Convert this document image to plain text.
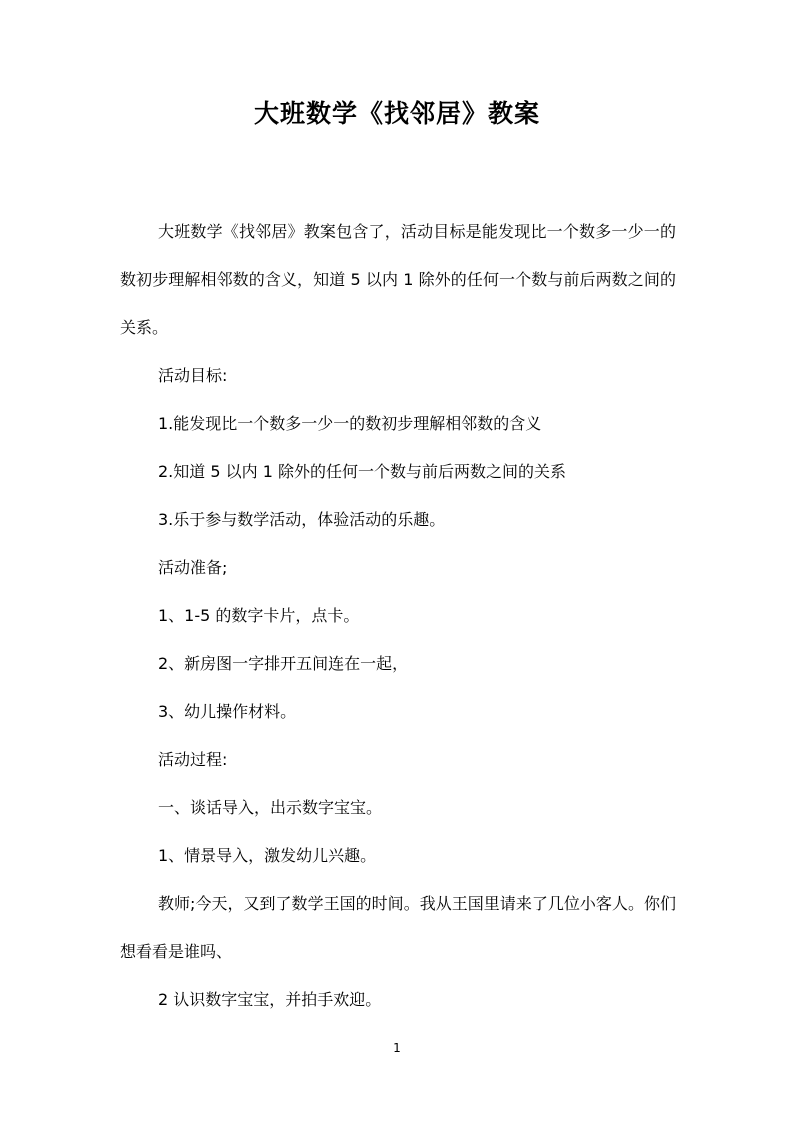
大班数学《找邻居》教案

大班数学《找邻居》教案包含了，活动目标是能发现比一个数多一少一的数初步理解相邻数的含义，知道 5 以内 1 除外的任何一个数与前后两数之间的关系。

活动目标:

1.能发现比一个数多一少一的数初步理解相邻数的含义

2.知道 5 以内 1 除外的任何一个数与前后两数之间的关系

3.乐于参与数学活动，体验活动的乐趣。

活动准备;

1、1-5 的数字卡片，点卡。

2、新房图一字排开五间连在一起，

3、幼儿操作材料。

活动过程:

一、谈话导入，出示数字宝宝。

1、情景导入，激发幼儿兴趣。

教师;今天，又到了数学王国的时间。我从王国里请来了几位小客人。你们想看看是谁吗、

2 认识数字宝宝，并拍手欢迎。

1
